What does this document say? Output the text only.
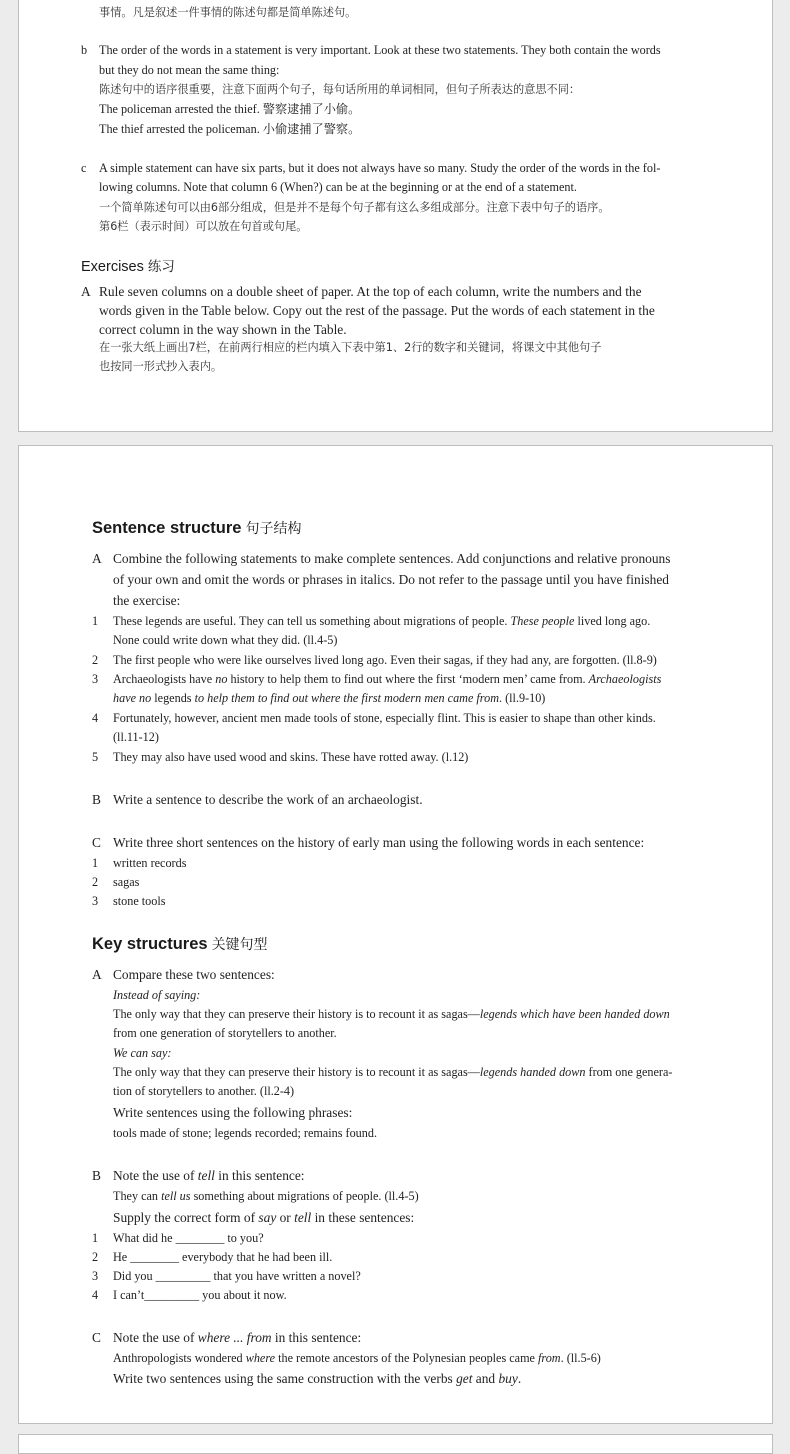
事情。凡是叙述一件事情的陈述句都是简单陈述句。
b The order of the words in a statement is very important. Look at these two statements. They both contain the words
but they do not mean the same thing:
陈述句中的语序很重要，注意下面两个句子，每句话所用的单词相同，但句子所表达的意思不同：
The policeman arrested the thief. 警察逮捕了小偷。
The thief arrested the policeman. 小偷逮捕了警察。
c	A simple statement can have six parts, but it does not always have so many. Study the order of the words in the fol-
lowing columns. Note that column 6 (When?) can be at the beginning or at the end of a statement.
一个简单陈述句可以由6部分组成，但是并不是每个句子都有这么多组成部分。注意下表中句子的语序。
第6栏（表示时间）可以放在句首或句尾。
Exercises 练习
A Rule seven columns on a double sheet of paper. At the top of each column, write the numbers and the
words given in the Table below. Copy out the rest of the passage. Put the words of each statement in the
correct column in the way shown in the Table.
在一张大纸上画出7栏，在前两行相应的栏内填入下表中第1、2行的数字和关键词，将课文中其他句子
也按同一形式抄入表内。
Sentence structure 句子结构
A Combine the following statements to make complete sentences. Add conjunctions and relative pronouns
of your own and omit the words or phrases in italics. Do not refer to the passage until you have finished
the exercise:
1	These legends are useful. They can tell us something about migrations of people. These people lived long ago.
None could write down what they did. (ll.4-5)
2	The first people who were like ourselves lived long ago. Even their sagas, if they had any, are forgotten. (ll.8-9)
3	Archaeologists have no history to help them to find out where the first ‘modern men’ came from. Archaeologists
have no legends to help them to find out where the first modern men came from. (ll.9-10)
4	Fortunately, however, ancient men made tools of stone, especially flint. This is easier to shape than other kinds.
(ll.11-12)
5	They may also have used wood and skins. These have rotted away. (l.12)
B Write a sentence to describe the work of an archaeologist.
C Write three short sentences on the history of early man using the following words in each sentence:
1	written records
2	sagas
3	stone tools
Key structures 关键句型
A Compare these two sentences:
Instead of saying:
The only way that they can preserve their history is to recount it as sagas—legends which have been handed down
from one generation of storytellers to another.
We can say:
The only way that they can preserve their history is to recount it as sagas—legends handed down from one genera-
tion of storytellers to another. (ll.2-4)
Write sentences using the following phrases:
tools made of stone; legends recorded; remains found.
B Note the use of tell in this sentence:
They can tell us something about migrations of people. (ll.4-5)
Supply the correct form of say or tell in these sentences:
1	What did he ________ to you?
2	He ________ everybody that he had been ill.
3	Did you _________ that you have written a novel?
4	I can’t_________ you about it now.
C Note the use of where ... from in this sentence:
Anthropologists wondered where the remote ancestors of the Polynesian peoples came from. (ll.5-6)
Write two sentences using the same construction with the verbs get and buy.
